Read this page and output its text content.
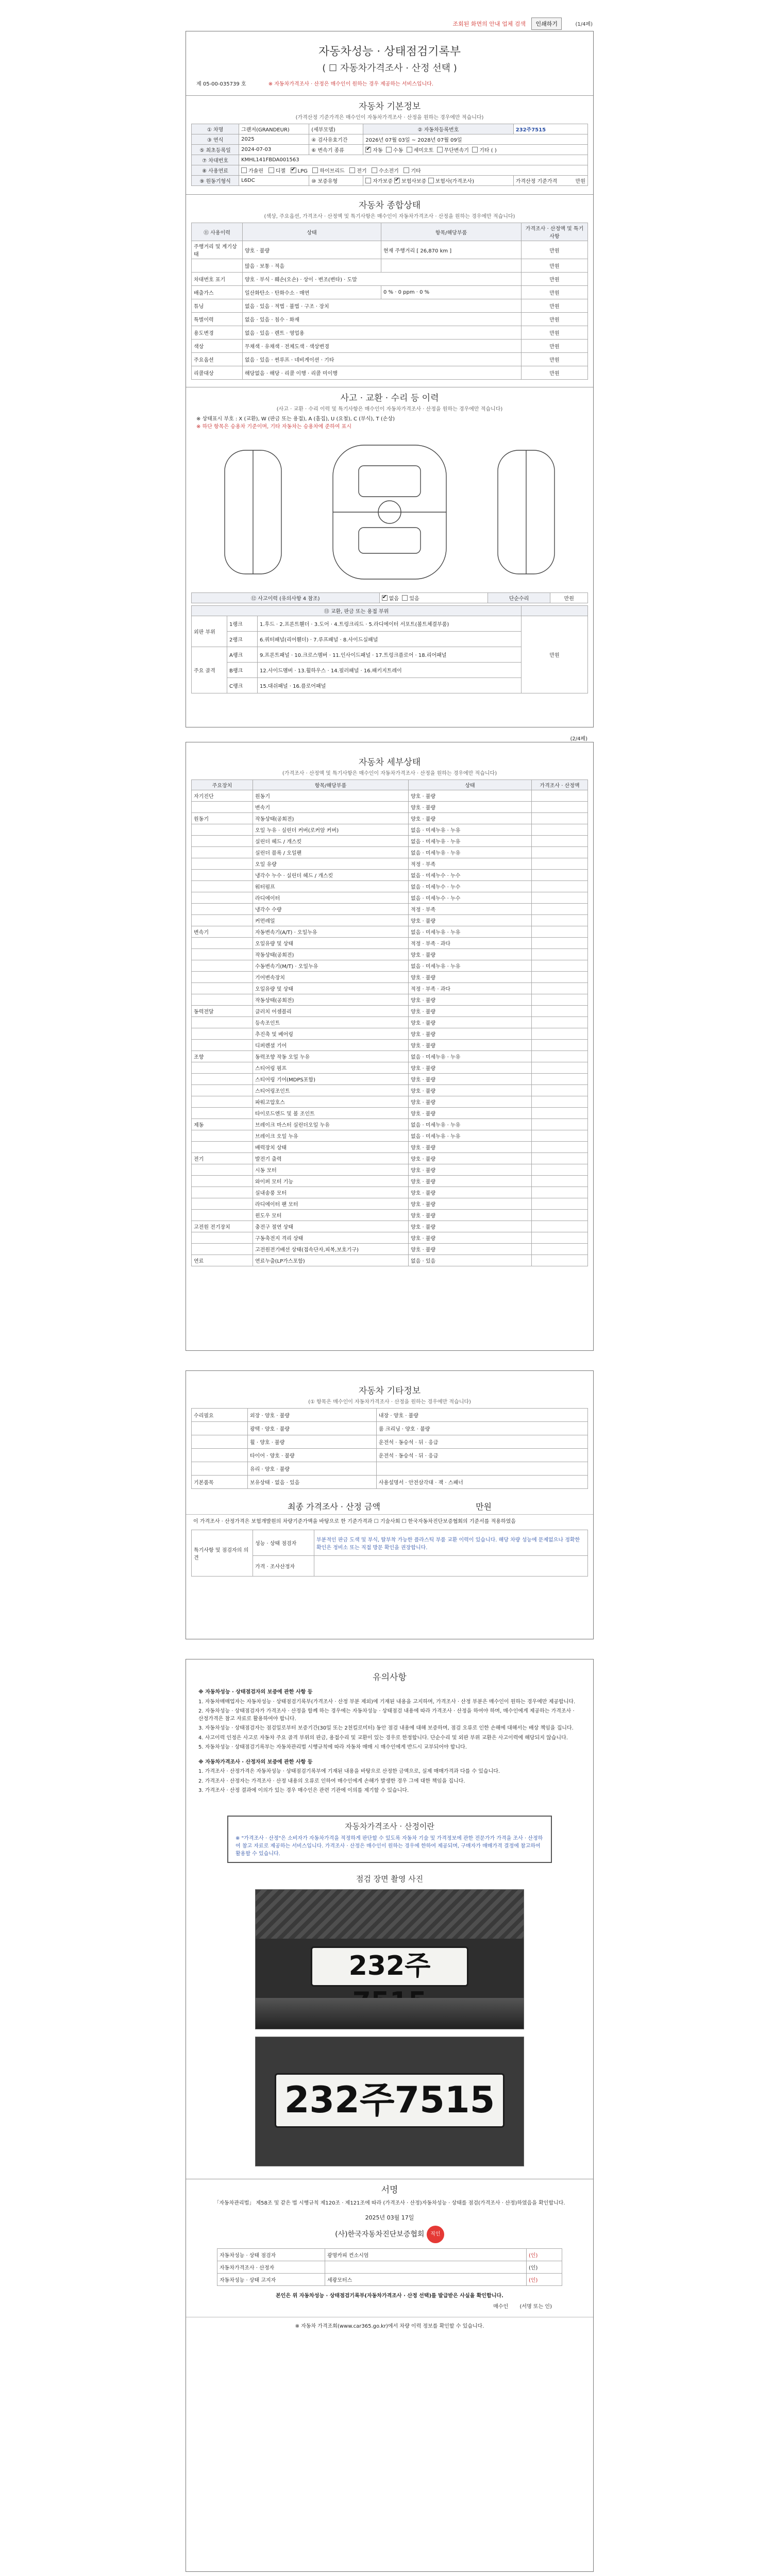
조회된 화면의 안내 업체 검색	인쇄하기	(1/4페)
자동차성능 · 상태점검기록부
( ☐ 자동차가격조사 · 산정 선택 )
제 05-00-035739 호	※ 자동차가격조사 · 산정은 매수인이 원하는 경우 제공하는 서비스입니다.
자동차 기본정보
(가격산정 기준가격은 매수인이 자동차가격조사 · 산정을 원하는 경우에만 적습니다)
① 차명	그랜저(GRANDEUR)	(세부모델)	② 자동차등록번호	232주7515
③ 연식	2025	④ 검사유효기간	2026년 07월 03일 ~ 2028년 07월 09일	
⑤ 최초등록일	2024-07-03	⑥ 변속기 종류	✔자동 수동 세미오토 무단변속기 기타 ( )
⑦ 차대번호	KMHL141FBDA001563			
⑧ 사용연료	가솔린 디젤 ✔ LPG 하이브리드 전기 수소전기 기타
⑨ 원동기형식	L6DC	⑩ 보증유형	자가보증 ✔ 보험사보증 보험사(가격조사)	가격산정 기준가격 만원
자동차 종합상태
(색상, 주요옵션, 가격조사 · 산정액 및 특기사항은 매수인이 자동차가격조사 · 산정을 원하는 경우에만 적습니다)
⑪ 사용이력	상태	항목/해당부품	가격조사 · 산정액 및 특기사항
주행거리 및 계기상태	양호 · 불량	현재 주행거리 [ 26,870 km ]	만원
	많음 · 보통 · 적음		만원
차대번호 표기	양호 · 부식 · 훼손(오손) · 상이 · 변조(변타) · 도말		만원
배출가스	일산화탄소 · 탄화수소 · 매연	0 % · 0 ppm · 0 %	만원
튜닝	없음 · 있음 · 적법 · 불법 · 구조 · 장치		만원
특별이력	없음 · 있음 · 침수 · 화재		만원
용도변경	없음 · 있음 · 렌트 · 영업용		만원
색상	무채색 · 유채색 · 전체도색 · 색상변경		만원
주요옵션	없음 · 있음 · 썬루프 · 네비게이션 · 기타		만원
리콜대상	해당없음 · 해당 · 리콜 이행 · 리콜 미이행		만원
사고 · 교환 · 수리 등 이력
(사고 · 교환 · 수리 이력 및 특기사항은 매수인이 자동차가격조사 · 산정을 원하는 경우에만 적습니다)
※ 상태표시 부호 : X (교환), W (판금 또는 용접), A (흠집), U (요철), C (부식), T (손상)
※ 하단 항목은 승용차 기준이며, 기타 자동차는 승용차에 준하여 표시
⑫ 사고이력 (유의사항 4 참조)	✔없음 있음	단순수리	만원
⑬ 교환, 판금 또는 용접 부위			
외판 부위	1랭크	1.후드 · 2.프론트휀더 · 3.도어 · 4.트렁크리드 · 5.라디에이터 서포트(볼트체결부품)	만원
	2랭크	6.쿼터패널(리어휀더) · 7.루프패널 · 8.사이드실패널	
주요 골격	A랭크	9.프론트패널 · 10.크로스멤버 · 11.인사이드패널 · 17.트렁크플로어 · 18.리어패널	
	B랭크	12.사이드멤버 · 13.휠하우스 · 14.필러패널 · 16.패키지트레이	
	C랭크	15.대쉬패널 · 16.플로어패널	
(2/4페)
자동차 세부상태
(가격조사 · 산정액 및 특기사항은 매수인이 자동차가격조사 · 산정을 원하는 경우에만 적습니다)
주요장치	항목/해당부품	상태	가격조사 · 산정액
자기진단	원동기	양호 · 불량	
	변속기	양호 · 불량	
원동기	작동상태(공회전)	양호 · 불량	
	오일 누유 · 실린더 커버(로커암 커버)	없음 · 미세누유 · 누유	
	실린더 헤드 / 개스킷	없음 · 미세누유 · 누유	
	실린더 블록 / 오일팬	없음 · 미세누유 · 누유	
	오일 유량	적정 · 부족	
	냉각수 누수 · 실린더 헤드 / 개스킷	없음 · 미세누수 · 누수	
	워터펌프	없음 · 미세누수 · 누수	
	라디에이터	없음 · 미세누수 · 누수	
	냉각수 수량	적정 · 부족	
	커먼레일	양호 · 불량	
변속기	자동변속기(A/T) · 오일누유	없음 · 미세누유 · 누유	
	오일유량 및 상태	적정 · 부족 · 과다	
	작동상태(공회전)	양호 · 불량	
	수동변속기(M/T) · 오일누유	없음 · 미세누유 · 누유	
	기어변속장치	양호 · 불량	
	오일유량 및 상태	적정 · 부족 · 과다	
	작동상태(공회전)	양호 · 불량	
동력전달	클러치 어셈블리	양호 · 불량	
	등속조인트	양호 · 불량	
	추진축 및 베어링	양호 · 불량	
	디퍼렌셜 기어	양호 · 불량	
조향	동력조향 작동 오일 누유	없음 · 미세누유 · 누유	
	스티어링 펌프	양호 · 불량	
	스티어링 기어(MDPS포함)	양호 · 불량	
	스티어링조인트	양호 · 불량	
	파워고압호스	양호 · 불량	
	타이로드엔드 및 볼 조인트	양호 · 불량	
제동	브레이크 마스터 실린더오일 누유	없음 · 미세누유 · 누유	
	브레이크 오일 누유	없음 · 미세누유 · 누유	
	배력장치 상태	양호 · 불량	
전기	발전기 출력	양호 · 불량	
	시동 모터	양호 · 불량	
	와이퍼 모터 기능	양호 · 불량	
	실내송풍 모터	양호 · 불량	
	라디에이터 팬 모터	양호 · 불량	
	윈도우 모터	양호 · 불량	
고전원 전기장치	충전구 절연 상태	양호 · 불량	
	구동축전지 격리 상태	양호 · 불량	
	고전원전기배선 상태(접속단자,피복,보호기구)	양호 · 불량	
연료	연료누출(LP가스포함)	없음 · 있음	
자동차 기타정보
(① 항목은 매수인이 자동차가격조사 · 산정을 원하는 경우에만 적습니다)
수리필요	외장 · 양호 · 불량	내장 · 양호 · 불량
	광택 · 양호 · 불량	룸 크리닝 · 양호 · 불량
	휠 · 양호 · 불량	운전석 · 동승석 · 뒤 · 응급
	타이어 · 양호 · 불량	운전석 · 동승석 · 뒤 · 응급
	유리 · 양호 · 불량	
기본품목	보유상태 · 없음 · 있음	사용설명서 · 안전삼각대 · 잭 · 스패너
최종 가격조사 · 산정 금액	만원
이 가격조사 · 산정가격은 보험개발원의 차량기준가액을 바탕으로 한 기준가격과 ☐ 기술사회 ☐ 한국자동차진단보증협회의 기준서를 적용하였음
특기사항 및 점검자의 의견	성능 · 상태 점검자	부분적인 판금 도색 및 부식, 탈부착 가능한 플라스틱 부품 교환 이력이 있습니다. 해당 차량 성능에 문제없으나 정확한 확인은 정비소 또는 직접 방문 확인을 권장합니다.
	가격 · 조사산정자	
유의사항

※ 자동차성능 · 상태점검자의 보증에 관한 사항 등

1. 자동차매매업자는 자동차성능 · 상태점검기록부(가격조사 · 산정 부분 제외)에 기재된 내용을 고지하며, 가격조사 · 산정 부분은 매수인이 원하는 경우에만 제공합니다.

2. 자동차성능 · 상태점검자가 가격조사 · 산정을 함께 하는 경우에는 자동차성능 · 상태점검 내용에 따라 가격조사 · 산정을 하여야 하며, 매수인에게 제공하는 가격조사 · 산정가격은 참고 자료로 활용하여야 합니다.

3. 자동차성능 · 상태점검자는 점검일로부터 보증기간(30일 또는 2천킬로미터) 동안 점검 내용에 대해 보증하며, 점검 오류로 인한 손해에 대해서는 배상 책임을 집니다.

4. 사고이력 인정은 사고로 자동차 주요 골격 부위의 판금, 용접수리 및 교환이 있는 경우로 한정합니다. 단순수리 및 외판 부위 교환은 사고이력에 해당되지 않습니다.

5. 자동차성능 · 상태점검기록부는 자동차관리법 시행규칙에 따라 자동차 매매 시 매수인에게 반드시 교부되어야 합니다.

※ 자동차가격조사 · 산정자의 보증에 관한 사항 등

1. 가격조사 · 산정가격은 자동차성능 · 상태점검기록부에 기재된 내용을 바탕으로 산정한 금액으로, 실제 매매가격과 다를 수 있습니다.

2. 가격조사 · 산정자는 가격조사 · 산정 내용의 오류로 인하여 매수인에게 손해가 발생한 경우 그에 대한 책임을 집니다.

3. 가격조사 · 산정 결과에 이의가 있는 경우 매수인은 관련 기관에 이의를 제기할 수 있습니다.

자동차가격조사 · 산정이란
※ "가격조사 · 산정"은 소비자가 자동차가격을 적정하게 판단할 수 있도록 자동차 기술 및 가격정보에 관한 전문가가 가격을 조사 · 산정하여 참고 자료로 제공하는 서비스입니다. 가격조사 · 산정은 매수인이 원하는 경우에 한하여 제공되며, 구매자가 매매가격 결정에 참고하여 활용할 수 있습니다.
점검 장면 촬영 사진
232주
232주7515
서명
「자동차관리법」 제58조 및 같은 법 시행규칙 제120조 · 제121조에 따라 (가격조사 · 산정)자동차성능 · 상태를 점검(가격조사 · 산정)하였음을 확인합니다.
2025년 03월 17일
(사)한국자동차진단보증협회 직인
자동차성능 · 상태 점검자	광명카피 컨소시엄	(인)
자동차가격조사 · 산정자		(인)
자동차성능 · 상태 고지자	세광모터스	(인)
본인은 위 자동차성능 · 상태점검기록부(자동차가격조사 · 산정 선택)를 발급받은 사실을 확인합니다.
매수인 (서명 또는 인)
※ 자동차 가격조회(www.car365.go.kr)에서 차량 이력 정보를 확인할 수 있습니다.
